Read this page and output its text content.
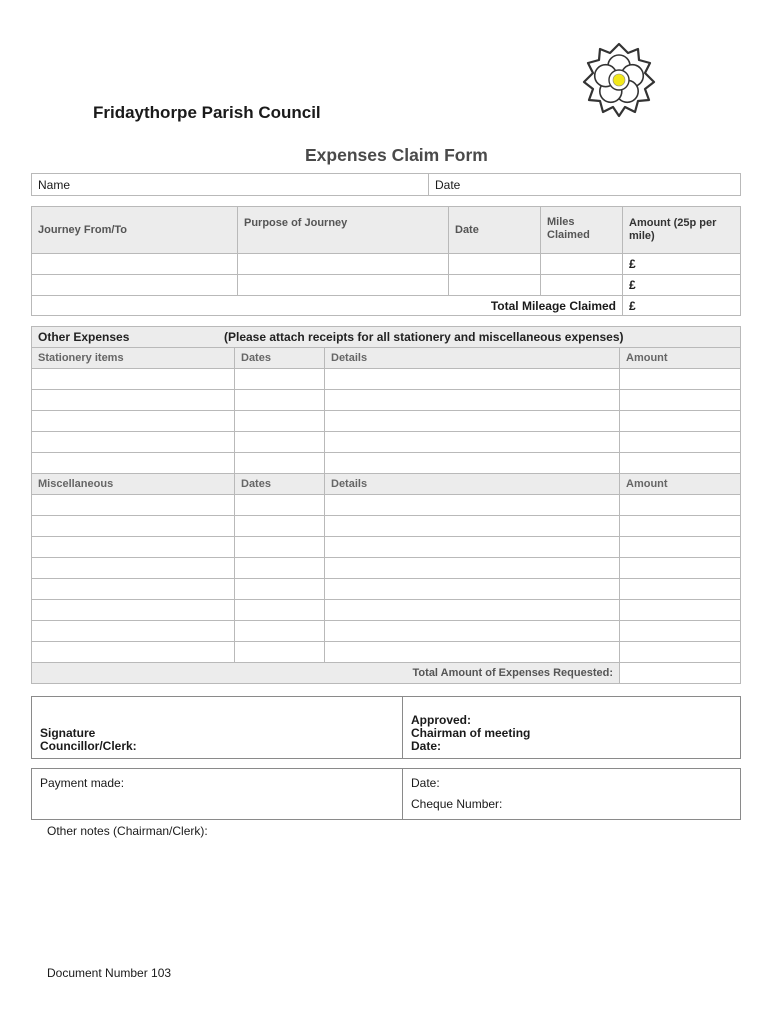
Fridaythorpe Parish Council
Expenses Claim Form
Name	Date
Journey From/To	Purpose of Journey	Date	Miles Claimed	Amount (25p per mile)
				£
				£
Total Mileage Claimed				£
Other Expenses (Please attach receipts for all stationery and miscellaneous expenses)			
Stationery items	Dates	Details	Amount

Miscellaneous	Dates	Details	Amount

Total Amount of Expenses Requested:			
Signature
Councillor/Clerk:

Approved:
Chairman of meeting
Date:
Payment made:	Date:
Cheque Number:
Other notes (Chairman/Clerk):
Document Number 103
